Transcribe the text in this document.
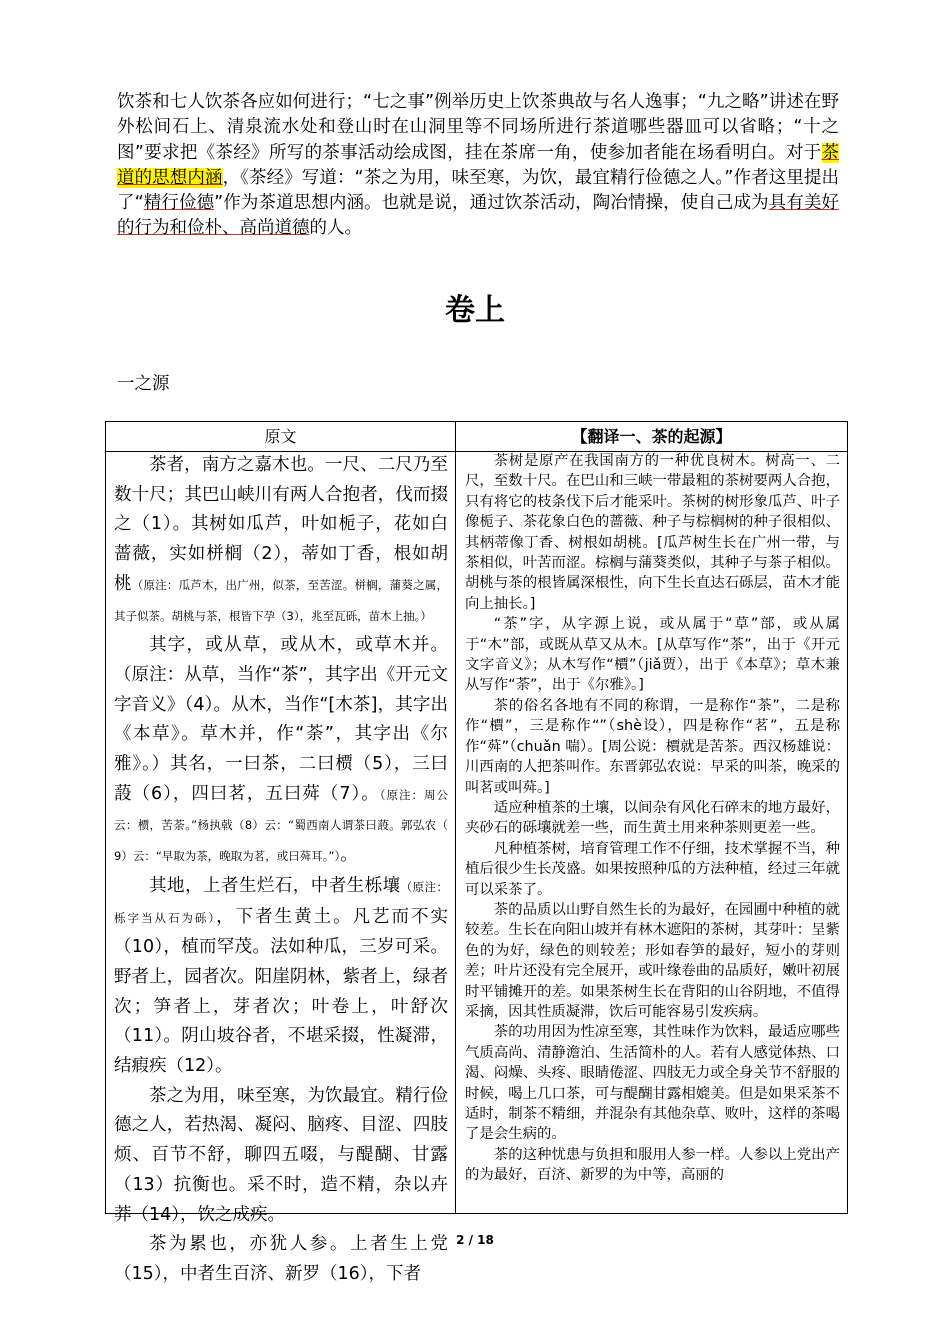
饮茶和七人饮茶各应如何进行；“七之事”例举历史上饮茶典故与名人逸事；“九之略”讲述在野外松间石上、清泉流水处和登山时在山洞里等不同场所进行茶道哪些器皿可以省略；“十之图”要求把《茶经》所写的茶事活动绘成图，挂在茶席一角，使参加者能在场看明白。对于茶道的思想内涵，《茶经》写道：“茶之为用，味至寒，为饮，最宜精行俭德之人。”作者这里提出了“精行俭德”作为茶道思想内涵。也就是说，通过饮茶活动，陶冶情操，使自己成为具有美好的行为和俭朴、高尚道德的人。
卷上
一之源
原文	【翻译一、茶的起源】

茶者，南方之嘉木也。一尺、二尺乃至数十尺；其巴山峡川有两人合抱者，伐而掇之（1）。其树如瓜芦，叶如栀子，花如白蔷薇，实如栟榈（2），蒂如丁香，根如胡桃（原注：瓜芦木，出广州，似茶，至苦涩。栟榈，蒲葵之属，其子似茶。胡桃与茶，根皆下孕（3），兆至瓦砾，苗木上抽。）

其字，或从草，或从木，或草木并。（原注：从草，当作“茶”，其字出《开元文字音义》（4）。从木，当作“[木茶]，其字出《本草》。草木并，作“荼”，其字出《尔雅》。）其名，一曰茶，二曰槚（5），三曰蔎（6），四曰茗，五曰荈（7）。（原注：周公云：槚，苦荼。”杨执戟（8）云：“蜀西南人谓茶曰蔎。郭弘农（ 9）云：“早取为茶，晚取为茗，或曰荈耳。”）。

其地，上者生烂石，中者生栎壤（原注：栎字当从石为砾），下者生黄土。凡艺而不实（10），植而罕茂。法如种瓜，三岁可采。野者上，园者次。阳崖阴林，紫者上，绿者次；笋者上，芽者次；叶卷上，叶舒次（11）。阴山坡谷者，不堪采掇，性凝滞，结瘕疾（12）。

茶之为用，味至寒，为饮最宜。精行俭德之人，若热渴、凝闷、脑疼、目涩、四肢烦、百节不舒，聊四五啜，与醍醐、甘露（13）抗衡也。采不时，造不精，杂以卉莽（14），饮之成疾。

茶为累也，亦犹人参。上者生上党（15），中者生百济、新罗（16），下者

茶树是原产在我国南方的一种优良树木。树高一、二尺，至数十尺。在巴山和三峡一带最粗的茶树要两人合抱，只有将它的枝条伐下后才能采叶。茶树的树形象瓜芦、叶子像栀子、茶花象白色的蔷薇、种子与棕榈树的种子很相似、其柄蒂像丁香、树根如胡桃。[瓜芦树生长在广州一带，与茶相似，叶苦而涩。棕榈与蒲葵类似，其种子与茶子相似。胡桃与茶的根皆属深根性，向下生长直达石砾层，苗木才能向上抽长。]

“茶”字，从字源上说，或从属于“草”部，或从属于“木”部，或既从草又从木。[从草写作“茶”，出于《开元文字音义》；从木写作“檟”（jiǎ贾），出于《本草》；草木兼从写作“荼”，出于《尔雅》。]

茶的俗名各地有不同的称谓，一是称作“茶”，二是称作“檟”，三是称作“”（shè设），四是称作“茗”，五是称作“荈”（chuǎn 喘）。[周公说：檟就是苦茶。西汉杨雄说：川西南的人把茶叫作。东晋郭弘农说：早采的叫茶，晚采的叫茗或叫荈。]

适应种植茶的土壤，以间杂有风化石碎末的地方最好，夹砂石的砾壤就差一些，而生黄土用来种茶则更差一些。

凡种植茶树，培育管理工作不仔细，技术掌握不当，种植后很少生长茂盛。如果按照种瓜的方法种植，经过三年就可以采茶了。

茶的品质以山野自然生长的为最好，在园圃中种植的就较差。生长在向阳山坡并有林木遮阳的茶树，其芽叶：呈紫色的为好，绿色的则较差；形如春笋的最好，短小的芽则差；叶片还没有完全展开，或叶缘卷曲的品质好，嫩叶初展时平铺摊开的差。如果茶树生长在背阳的山谷阴地，不值得采摘，因其性质凝滞，饮后可能容易引发疾病。

茶的功用因为性凉至寒，其性味作为饮料，最适应哪些气质高尚、清静澹泊、生活简朴的人。若有人感觉体热、口渴、闷燥、头疼、眼睛倦涩、四肢无力或全身关节不舒服的时候，喝上几口茶，可与醍醐甘露相媲美。但是如果采茶不适时，制茶不精细，并混杂有其他杂草、败叶，这样的茶喝了是会生病的。

茶的这种忧患与负担和服用人参一样。人参以上党出产的为最好，百济、新罗的为中等，高丽的

2 / 18
